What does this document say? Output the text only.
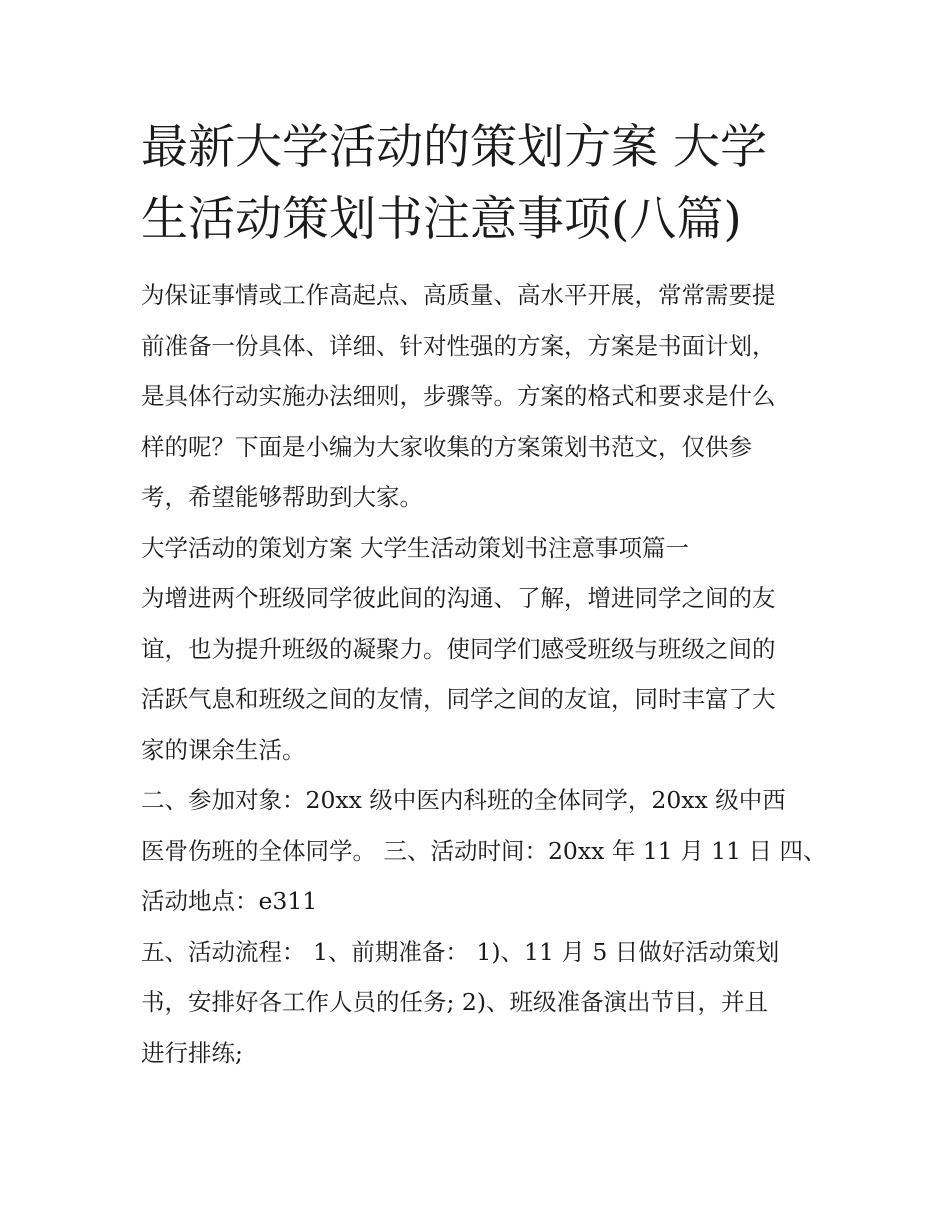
最新大学活动的策划方案 大学
生活动策划书注意事项(八篇)
为保证事情或工作高起点、高质量、高水平开展，常常需要提
前准备一份具体、详细、针对性强的方案，方案是书面计划，
是具体行动实施办法细则，步骤等。方案的格式和要求是什么
样的呢？下面是小编为大家收集的方案策划书范文，仅供参
考，希望能够帮助到大家。
大学活动的策划方案 大学生活动策划书注意事项篇一
为增进两个班级同学彼此间的沟通、了解，增进同学之间的友
谊，也为提升班级的凝聚力。使同学们感受班级与班级之间的
活跃气息和班级之间的友情，同学之间的友谊，同时丰富了大
家的课余生活。
二、参加对象：20xx 级中医内科班的全体同学，20xx 级中西
医骨伤班的全体同学。 三、活动时间：20xx 年 11 月 11 日 四、
活动地点：e311
五、活动流程： 1、前期准备： 1)、11 月 5 日做好活动策划
书，安排好各工作人员的任务; 2)、班级准备演出节目，并且
进行排练;
